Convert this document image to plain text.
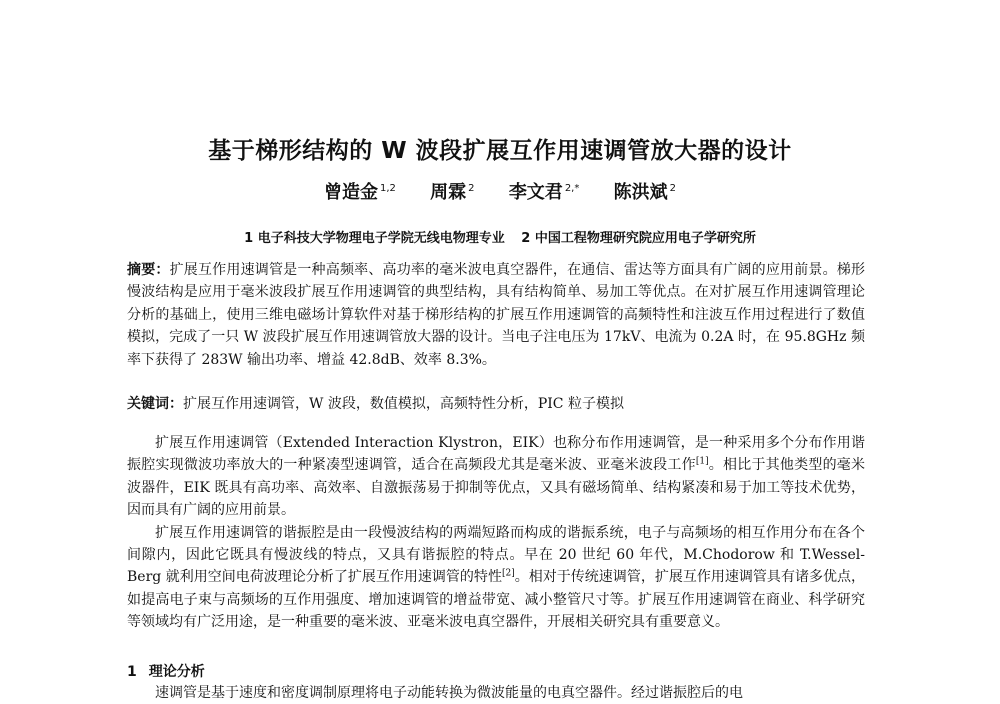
基于梯形结构的 W 波段扩展互作用速调管放大器的设计
曾造金 $^{1,2}$ 周霖 $^2$ 李文君 $^{2,*}$ 陈洪斌 $^2$
1 电子科技大学物理电子学院无线电物理专业 2 中国工程物理研究院应用电子学研究所
摘要：扩展互作用速调管是一种高频率、高功率的毫米波电真空器件，在通信、雷达等方面具有广阔的应用前景。梯形慢波结构是应用于毫米波段扩展互作用速调管的典型结构，具有结构简单、易加工等优点。在对扩展互作用速调管理论分析的基础上，使用三维电磁场计算软件对基于梯形结构的扩展互作用速调管的高频特性和注波互作用过程进行了数值模拟，完成了一只 W 波段扩展互作用速调管放大器的设计。当电子注电压为 17kV、电流为 0.2A 时，在 95.8GHz 频率下获得了 283W 输出功率、增益 42.8dB、效率 8.3%。
关键词：扩展互作用速调管，W 波段，数值模拟，高频特性分析，PIC 粒子模拟

扩展互作用速调管（Extended Interaction Klystron，EIK）也称分布作用速调管，是一种采用多个分布作用谐振腔实现微波功率放大的一种紧凑型速调管，适合在高频段尤其是毫米波、亚毫米波段工作[1]。相比于其他类型的毫米波器件，EIK 既具有高功率、高效率、自激振荡易于抑制等优点，又具有磁场简单、结构紧凑和易于加工等技术优势，因而具有广阔的应用前景。

扩展互作用速调管的谐振腔是由一段慢波结构的两端短路而构成的谐振系统，电子与高频场的相互作用分布在各个间隙内，因此它既具有慢波线的特点，又具有谐振腔的特点。早在 20 世纪 60 年代，M.Chodorow 和 T.Wessel-Berg 就利用空间电荷波理论分析了扩展互作用速调管的特性[2]。相对于传统速调管，扩展互作用速调管具有诸多优点，如提高电子束与高频场的互作用强度、增加速调管的增益带宽、减小整管尺寸等。扩展互作用速调管在商业、科学研究等领域均有广泛用途，是一种重要的毫米波、亚毫米波电真空器件，开展相关研究具有重要意义。

1 理论分析
速调管是基于速度和密度调制原理将电子动能转换为微波能量的电真空器件。经过谐振腔后的电
